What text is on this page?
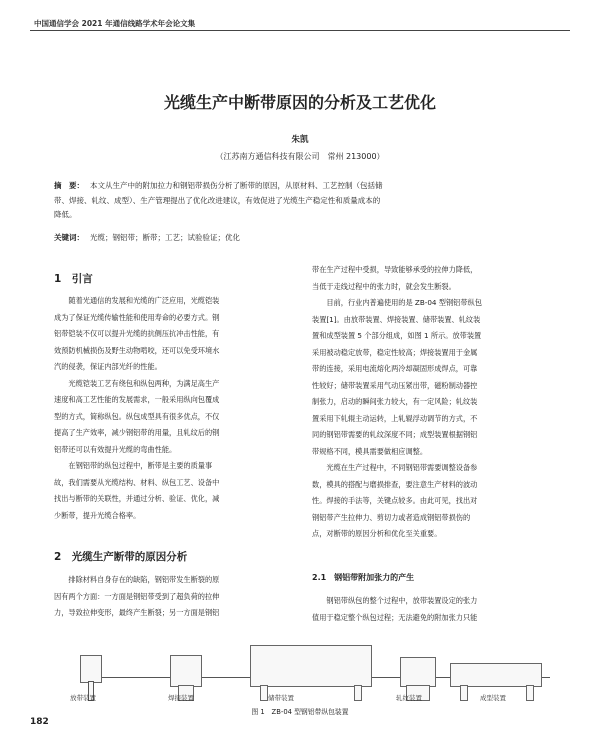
中国通信学会 2021 年通信线路学术年会论文集
光缆生产中断带原因的分析及工艺优化
朱凯
（江苏南方通信科技有限公司　常州 213000）
摘　要： 本文从生产中的附加拉力和钢铝带损伤分析了断带的原因，从原材料、工艺控制（包括储
带、焊接、轧纹、成型）、生产管理提出了优化改进建议，有效促进了光缆生产稳定性和质量成本的
降低。
关键词： 光缆；钢铝带；断带；工艺；试验验证；优化
1　引言
　　随着光通信的发展和光缆的广泛应用，光缆铠装
成为了保证光缆传输性能和使用寿命的必要方式。钢
铝带铠装不仅可以提升光缆的抗侧压抗冲击性能，有
效预防机械损伤及野生动物啃咬，还可以免受环境水
汽的侵袭，保证内部光纤的性能。
　　光缆铠装工艺有绕包和纵包两种，为满足高生产
速度和高工艺性能的发展需求，一般采用纵向包覆成
型的方式，简称纵包。纵包成型具有很多优点，不仅
提高了生产效率，减少钢铝带的用量，且轧纹后的钢
铝带还可以有效提升光缆的弯曲性能。
　　在钢铝带的纵包过程中，断带是主要的质量事
故，我们需要从光缆结构、材料、纵包工艺、设备中
找出与断带的关联性，并通过分析、验证、优化，减
少断带，提升光缆合格率。
2　光缆生产断带的原因分析
　　排除材料自身存在的缺陷，钢铝带发生断裂的原
因有两个方面：一方面是钢铝带受到了超负荷的拉伸
力，导致拉伸变形，最终产生断裂；另一方面是钢铝
带在生产过程中受损，导致能够承受的拉伸力降低，
当低于走线过程中的张力时，就会发生断裂。
　　目前，行业内普遍使用的是 ZB-04 型钢铝带纵包
装置[1]。由放带装置、焊接装置、储带装置、轧纹装
置和成型装置 5 个部分组成，如图 1 所示。放带装置
采用被动稳定放带，稳定性较高；焊接装置用于金属
带的连接，采用电流熔化两冷却凝固形成焊点，可靠
性较好；储带装置采用气动压紧出带，磁粉制动器控
制张力，启动的瞬间张力较大，有一定风险；轧纹装
置采用下轧辊主动运转，上轧辊浮动调节的方式，不
同的钢铝带需要的轧纹深度不同；成型装置根据钢铝
带规格不同，模具需要做相应调整。
　　光缆在生产过程中，不同钢铝带需要调整设备参
数，模具的搭配与磨损排查，要注意生产材料的波动
性。焊接的手法等，关键点较多。由此可见，找出对
钢铝带产生拉伸力、剪切力或者造成钢铝带损伤的
点，对断带的原因分析和优化至关重要。
2.1　钢铝带附加张力的产生
　　钢铝带纵包的整个过程中，放带装置设定的张力
值用于稳定整个纵包过程；无法避免的附加张力只能
放带装置	焊接装置	储带装置	轧纹装置	成型装置
图 1　ZB-04 型钢铝带纵包装置
182
